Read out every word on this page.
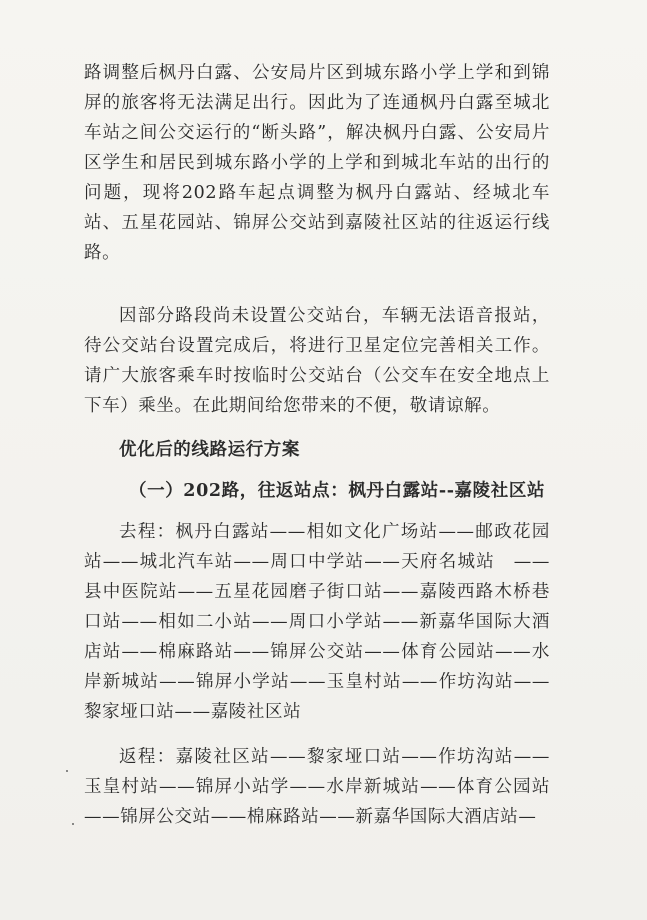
路调整后枫丹白露、公安局片区到城东路小学上学和到锦屏的旅客将无法满足出行。因此为了连通枫丹白露至城北车站之间公交运行的“断头路”，解决枫丹白露、公安局片区学生和居民到城东路小学的上学和到城北车站的出行的问题，现将202路车起点调整为枫丹白露站、经城北车站、五星花园站、锦屏公交站到嘉陵社区站的往返运行线路。
因部分路段尚未设置公交站台，车辆无法语音报站，待公交站台设置完成后，将进行卫星定位完善相关工作。请广大旅客乘车时按临时公交站台（公交车在安全地点上下车）乘坐。在此期间给您带来的不便，敬请谅解。
优化后的线路运行方案
（一）202路，往返站点：枫丹白露站--嘉陵社区站
去程：枫丹白露站——相如文化广场站——邮政花园站——城北汽车站——周口中学站——天府名城站　——县中医院站——五星花园磨子街口站——嘉陵西路木桥巷口站——相如二小站——周口小学站——新嘉华国际大酒店站——棉麻路站——锦屏公交站——体育公园站——水岸新城站——锦屏小学站——玉皇村站——作坊沟站——黎家垭口站——嘉陵社区站
返程：嘉陵社区站——黎家垭口站——作坊沟站——玉皇村站——锦屏小站学——水岸新城站——体育公园站——锦屏公交站——棉麻路站——新嘉华国际大酒店站—
